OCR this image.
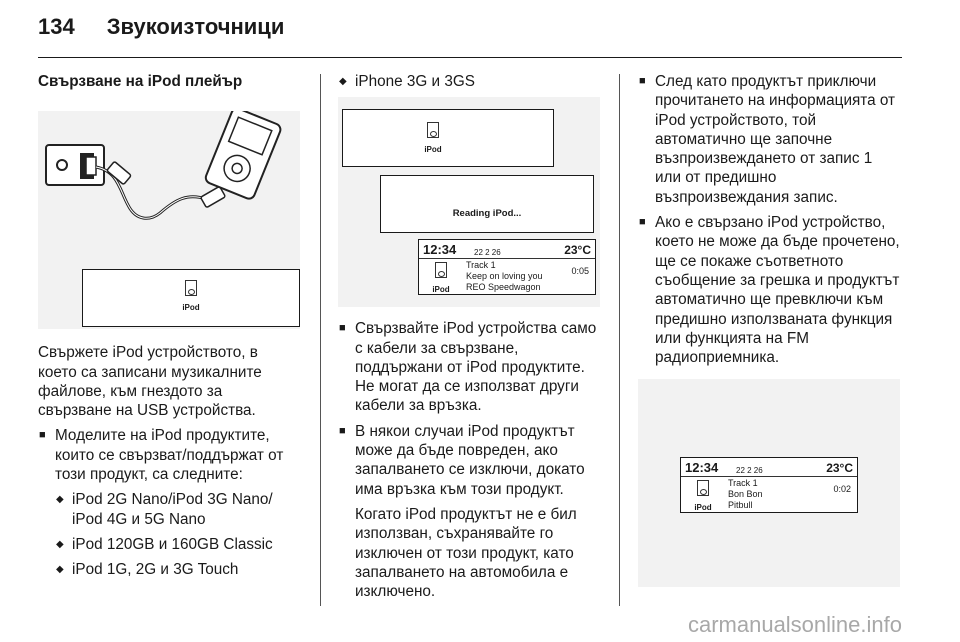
134 Звукоизточници
Свързване на iPod плейър
iPod

Свържете iPod устройството, в което са записани музикалните файлове, към гнездото за свързване на USB устройства.

■ Моделите на iPod продуктите, които се свързват/поддържат от този продукт, са следните:
◆ iPod 2G Nano/iPod 3G Nano/ iPod 4G и 5G Nano
◆ iPod 120GB и 160GB Classic
◆ iPod 1G, 2G и 3G Touch
◆ iPhone 3G и 3GS
iPod
Reading iPod...
12:34 22 2 26	23°C
iPod
Track 1
Keep on loving you
REO Speedwagon
0:05
■ Свързвайте iPod устройства само с кабели за свързване, поддържани от iPod продуктите. Не могат да се използват други кабели за връзка.
■ В някои случаи iPod продуктът може да бъде повреден, ако запалването се изключи, докато има връзка към този продукт.

Когато iPod продуктът не е бил използван, съхранявайте го изключен от този продукт, като запалването на автомобила е изключено.

■ След като продуктът приключи прочитането на информацията от iPod устройството, той автоматично ще започне възпроизвеждането от запис 1 или от предишно възпроизвеждания запис.
■ Ако е свързано iPod устройство, което не може да бъде прочетено, ще се покаже съответното съобщение за грешка и продуктът автоматично ще превключи към предишно използваната функция или функцията на FM радиоприемника.
12:34 22 2 26	23°C
iPod
Track 1
Bon Bon
Pitbull
0:02
carmanualsonline.info
